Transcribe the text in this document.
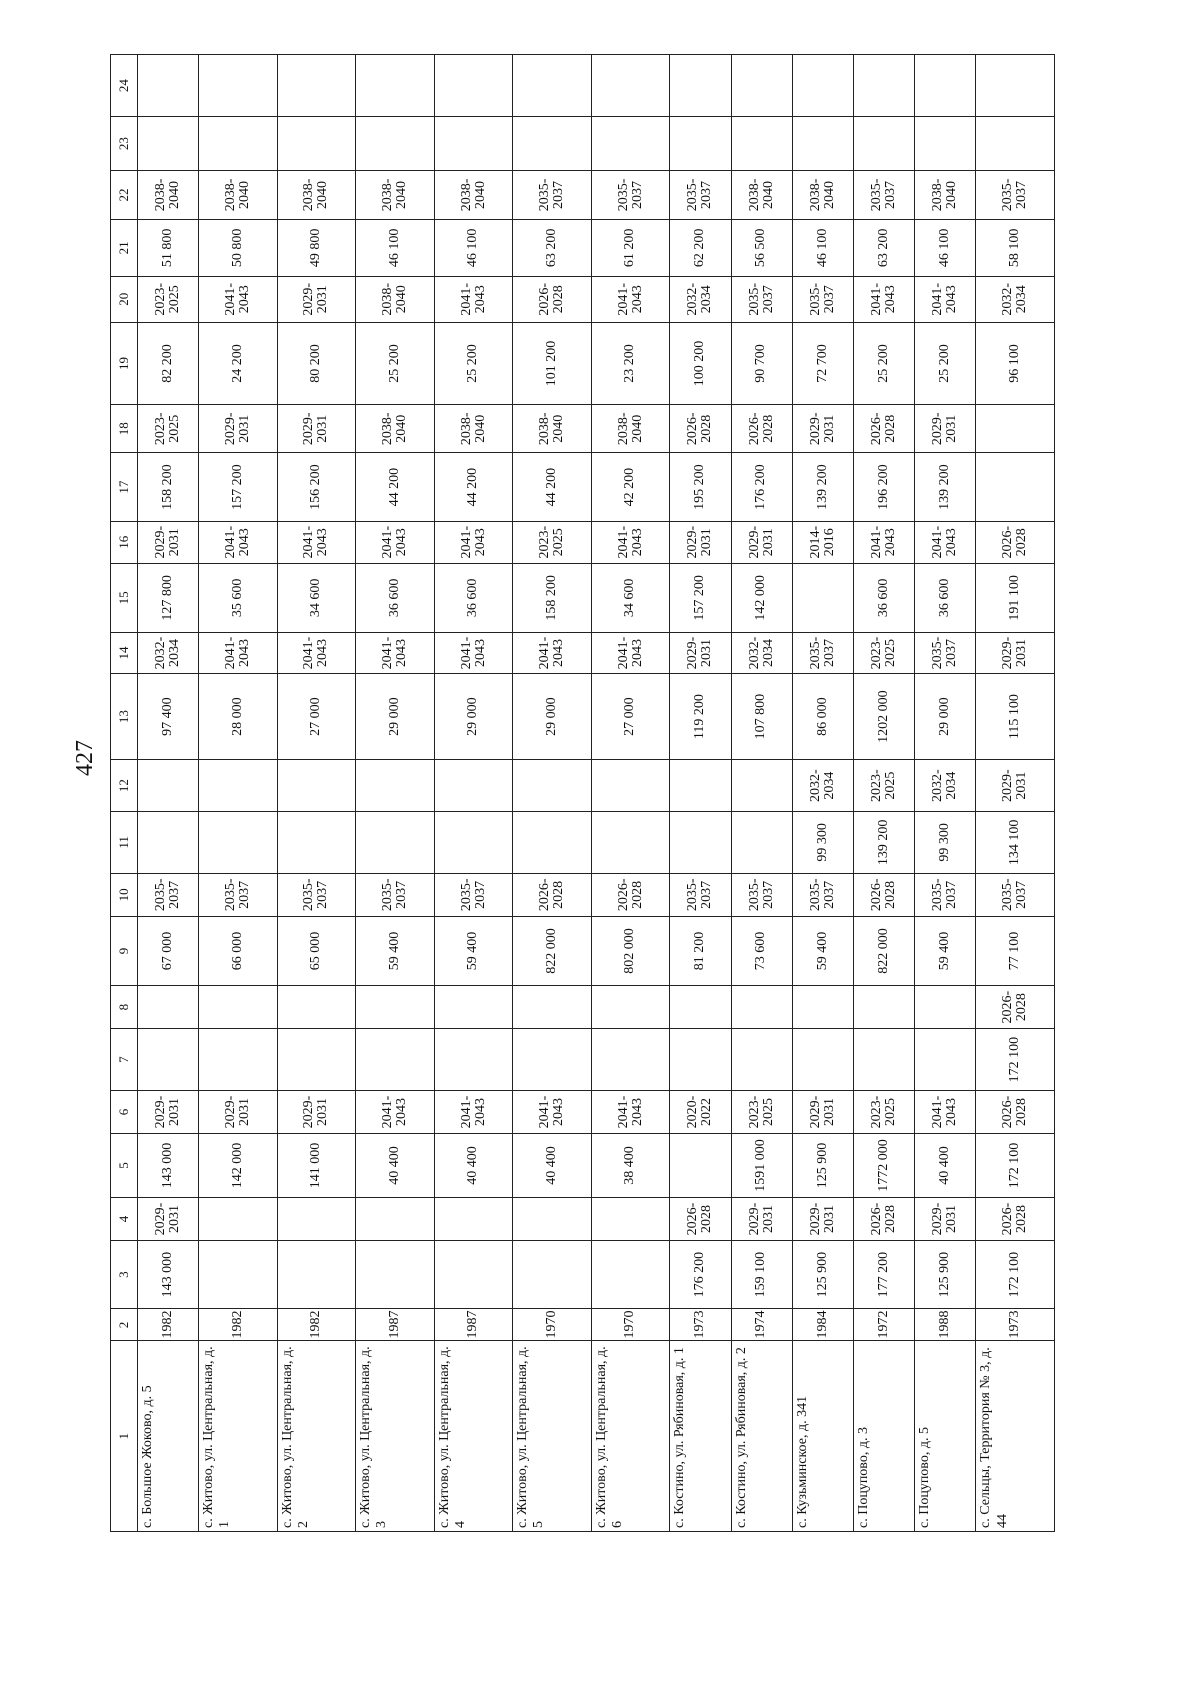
427
1	2	3	4	5	6	7	8	9	10	11	12	13	14	15	16	17	18	19	20	21	22	23	24
с. Большое Жоково, д. 5	1982	143 000	2029-2031	143 000	2029-2031			67 000	2035-2037			97 400	2032-2034	127 800	2029-2031	158 200	2023-2025	82 200	2023-2025	51 800	2038-2040		
с. Житово, ул. Центральная, д. 1	1982			142 000	2029-2031			66 000	2035-2037			28 000	2041-2043	35 600	2041-2043	157 200	2029-2031	24 200	2041-2043	50 800	2038-2040		
с. Житово, ул. Центральная, д. 2	1982			141 000	2029-2031			65 000	2035-2037			27 000	2041-2043	34 600	2041-2043	156 200	2029-2031	80 200	2029-2031	49 800	2038-2040		
с. Житово, ул. Центральная, д. 3	1987			40 400	2041-2043			59 400	2035-2037			29 000	2041-2043	36 600	2041-2043	44 200	2038-2040	25 200	2038-2040	46 100	2038-2040		
с. Житово, ул. Центральная, д. 4	1987			40 400	2041-2043			59 400	2035-2037			29 000	2041-2043	36 600	2041-2043	44 200	2038-2040	25 200	2041-2043	46 100	2038-2040		
с. Житово, ул. Центральная, д. 5	1970			40 400	2041-2043			822 000	2026-2028			29 000	2041-2043	158 200	2023-2025	44 200	2038-2040	101 200	2026-2028	63 200	2035-2037		
с. Житово, ул. Центральная, д. 6	1970			38 400	2041-2043			802 000	2026-2028			27 000	2041-2043	34 600	2041-2043	42 200	2038-2040	23 200	2041-2043	61 200	2035-2037		
с. Костино, ул. Рябиновая, д. 1	1973	176 200	2026-2028		2020-2022			81 200	2035-2037			119 200	2029-2031	157 200	2029-2031	195 200	2026-2028	100 200	2032-2034	62 200	2035-2037		
с. Костино, ул. Рябиновая, д. 2	1974	159 100	2029-2031	1591 000	2023-2025			73 600	2035-2037			107 800	2032-2034	142 000	2029-2031	176 200	2026-2028	90 700	2035-2037	56 500	2038-2040		
с. Кузьминское, д. 341	1984	125 900	2029-2031	125 900	2029-2031			59 400	2035-2037	99 300	2032-2034	86 000	2035-2037		2014-2016	139 200	2029-2031	72 700	2035-2037	46 100	2038-2040		
с. Поцупово, д. 3	1972	177 200	2026-2028	1772 000	2023-2025			822 000	2026-2028	139 200	2023-2025	1202 000	2023-2025	36 600	2041-2043	196 200	2026-2028	25 200	2041-2043	63 200	2035-2037		
с. Поцупово, д. 5	1988	125 900	2029-2031	40 400	2041-2043			59 400	2035-2037	99 300	2032-2034	29 000	2035-2037	36 600	2041-2043	139 200	2029-2031	25 200	2041-2043	46 100	2038-2040		
с. Сельцы, Территория № 3, д. 44	1973	172 100	2026-2028	172 100	2026-2028	172 100	2026-2028	77 100	2035-2037	134 100	2029-2031	115 100	2029-2031	191 100	2026-2028			96 100	2032-2034	58 100	2035-2037		
